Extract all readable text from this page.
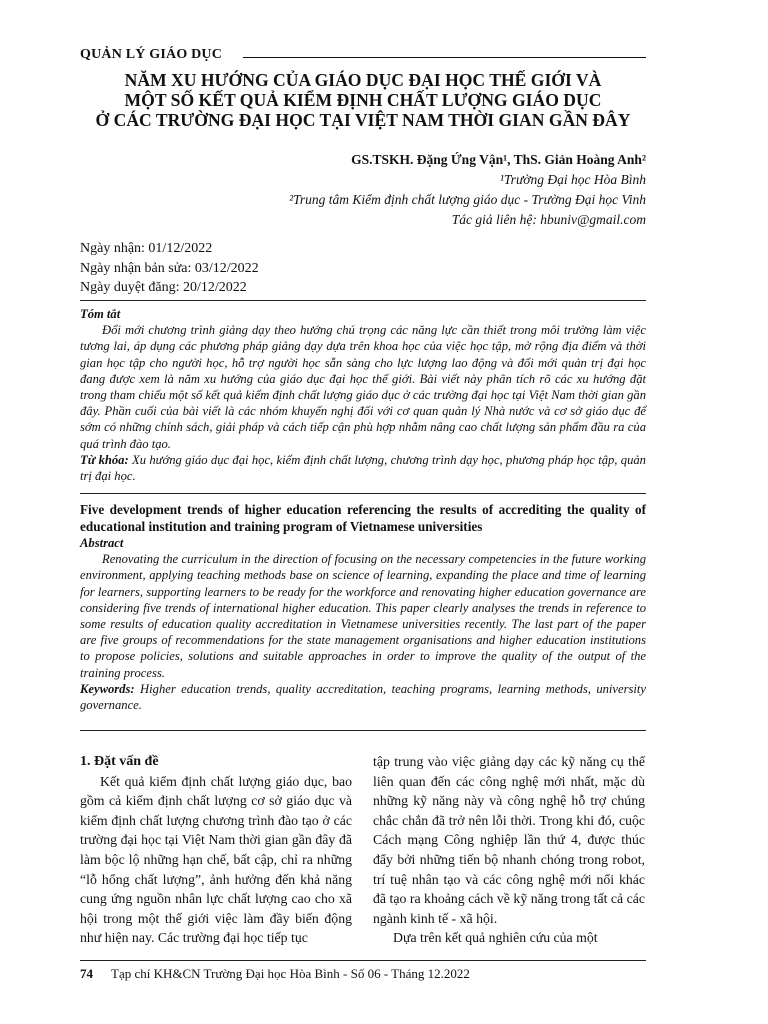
QUẢN LÝ GIÁO DỤC
NĂM XU HƯỚNG CỦA GIÁO DỤC ĐẠI HỌC THẾ GIỚI VÀ
MỘT SỐ KẾT QUẢ KIỂM ĐỊNH CHẤT LƯỢNG GIÁO DỤC
Ở CÁC TRƯỜNG ĐẠI HỌC TẠI VIỆT NAM THỜI GIAN GẦN ĐÂY
GS.TSKH. Đặng Ứng Vận¹, ThS. Giản Hoàng Anh²
¹Trường Đại học Hòa Bình
²Trung tâm Kiểm định chất lượng giáo dục - Trường Đại học Vinh
Tác giả liên hệ: hbuniv@gmail.com
Ngày nhận: 01/12/2022
Ngày nhận bản sửa: 03/12/2022
Ngày duyệt đăng: 20/12/2022
Tóm tắt

Đổi mới chương trình giảng dạy theo hướng chú trọng các năng lực cần thiết trong môi trường làm việc tương lai, áp dụng các phương pháp giảng dạy dựa trên khoa học của việc học tập, mở rộng địa điểm và thời gian học tập cho người học, hỗ trợ người học sẵn sàng cho lực lượng lao động và đổi mới quản trị đại học đang được xem là năm xu hướng của giáo dục đại học thế giới. Bài viết này phân tích rõ các xu hướng đặt trong tham chiếu một số kết quả kiểm định chất lượng giáo dục ở các trường đại học tại Việt Nam thời gian gần đây. Phần cuối của bài viết là các nhóm khuyến nghị đối với cơ quan quản lý Nhà nước và cơ sở giáo dục để sớm có những chính sách, giải pháp và cách tiếp cận phù hợp nhằm nâng cao chất lượng sản phẩm đầu ra của quá trình đào tạo.

Từ khóa: Xu hướng giáo dục đại học, kiểm định chất lượng, chương trình dạy học, phương pháp học tập, quản trị đại học.

Five development trends of higher education referencing the results of accrediting the quality of educational institution and training program of Vietnamese universities
Abstract

Renovating the curriculum in the direction of focusing on the necessary competencies in the future working environment, applying teaching methods base on science of learning, expanding the place and time of learning for learners, supporting learners to be ready for the workforce and renovating higher education governance are considering five trends of international higher education. This paper clearly analyses the trends in reference to some results of education quality accreditation in Vietnamese universities recently. The last part of the paper are five groups of recommendations for the state management organisations and higher education institutions to propose policies, solutions and suitable approaches in order to improve the quality of the output of the training process.

Keywords: Higher education trends, quality accreditation, teaching programs, learning methods, university governance.

1. Đặt vấn đề

Kết quả kiểm định chất lượng giáo dục, bao gồm cả kiểm định chất lượng cơ sở giáo dục và kiểm định chất lượng chương trình đào tạo ở các trường đại học tại Việt Nam thời gian gần đây đã làm bộc lộ những hạn chế, bất cập, chỉ ra những “lỗ hổng chất lượng”, ảnh hưởng đến khả năng cung ứng nguồn nhân lực chất lượng cao cho xã hội trong một thế giới việc làm đầy biến động như hiện nay. Các trường đại học tiếp tục

tập trung vào việc giảng dạy các kỹ năng cụ thể liên quan đến các công nghệ mới nhất, mặc dù những kỹ năng này và công nghệ hỗ trợ chúng chắc chắn đã trở nên lỗi thời. Trong khi đó, cuộc Cách mạng Công nghiệp lần thứ 4, được thúc đẩy bởi những tiến bộ nhanh chóng trong robot, trí tuệ nhân tạo và các công nghệ mới nổi khác đã tạo ra khoảng cách về kỹ năng trong tất cả các ngành kinh tế - xã hội.

Dựa trên kết quả nghiên cứu của một

74 Tạp chí KH&CN Trường Đại học Hòa Bình - Số 06 - Tháng 12.2022
